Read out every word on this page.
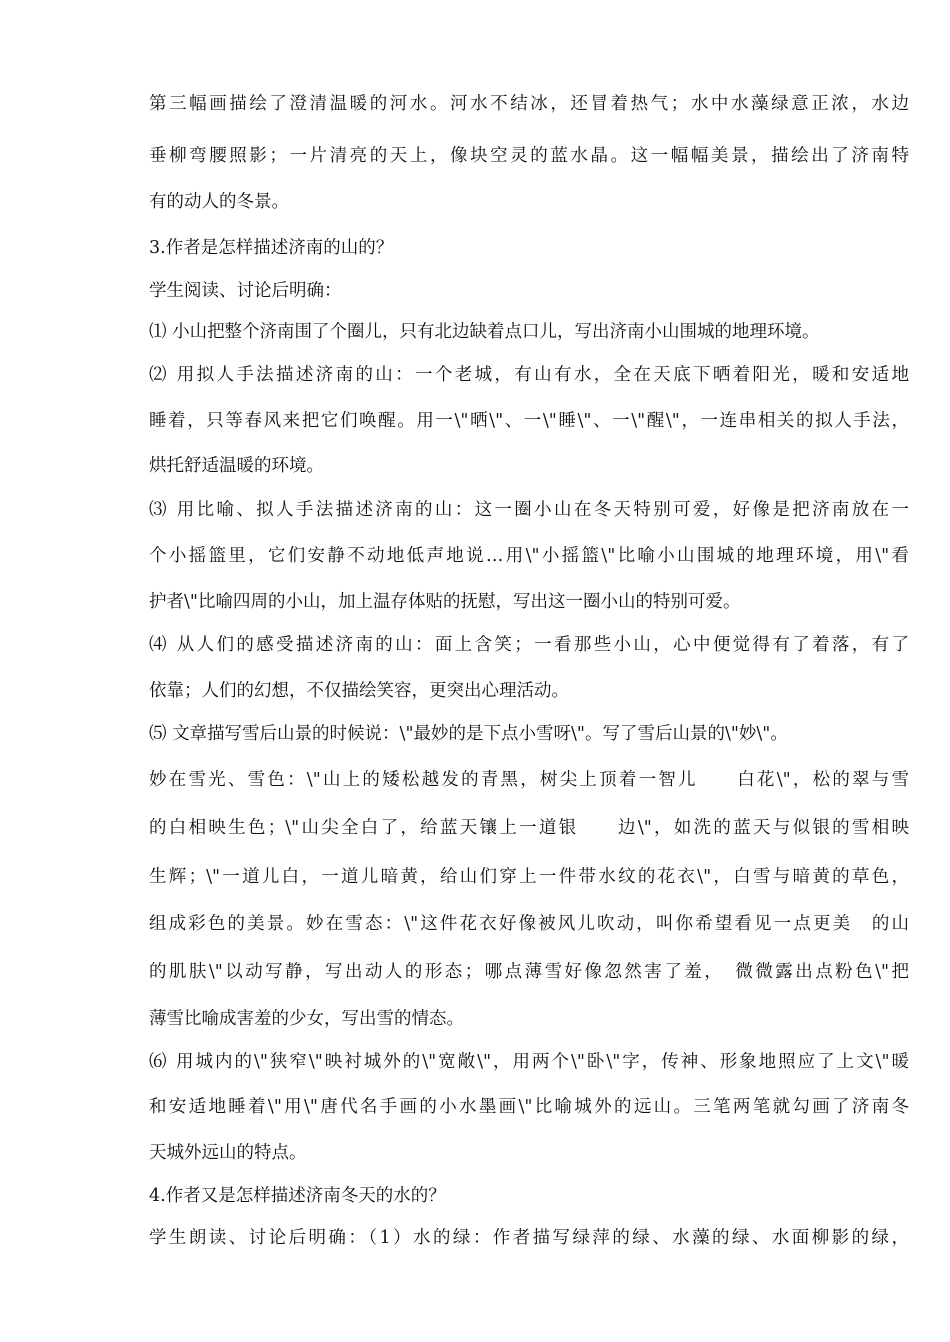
第三幅画描绘了澄清温暖的河水。河水不结冰，还冒着热气；水中水藻绿意正浓，水边
垂柳弯腰照影；一片清亮的天上，像块空灵的蓝水晶。这一幅幅美景，描绘出了济南特
有的动人的冬景。
3.作者是怎样描述济南的山的？
学生阅读、讨论后明确：
⑴ 小山把整个济南围了个圈儿，只有北边缺着点口儿，写出济南小山围城的地理环境。
⑵ 用拟人手法描述济南的山：一个老城，有山有水，全在天底下晒着阳光，暖和安适地
睡着，只等春风来把它们唤醒。用一\"晒\"、一\"睡\"、一\"醒\"，一连串相关的拟人手法，
烘托舒适温暖的环境。
⑶ 用比喻、拟人手法描述济南的山：这一圈小山在冬天特别可爱，好像是把济南放在一
个小摇篮里，它们安静不动地低声地说…用\"小摇篮\"比喻小山围城的地理环境，用\"看
护者\"比喻四周的小山，加上温存体贴的抚慰，写出这一圈小山的特别可爱。
⑷ 从人们的感受描述济南的山：面上含笑；一看那些小山，心中便觉得有了着落，有了
依靠；人们的幻想，不仅描绘笑容，更突出心理活动。
⑸ 文章描写雪后山景的时候说：\"最妙的是下点小雪呀\"。写了雪后山景的\"妙\"。
妙在雪光、雪色：\"山上的矮松越发的青黑，树尖上顶着一智儿　　白花\"，松的翠与雪
的白相映生色；\"山尖全白了，给蓝天镶上一道银　　边\"，如洗的蓝天与似银的雪相映
生辉；\"一道儿白，一道儿暗黄，给山们穿上一件带水纹的花衣\"，白雪与暗黄的草色，
组成彩色的美景。妙在雪态：\"这件花衣好像被风儿吹动，叫你希望看见一点更美　的山
的肌肤\"以动写静，写出动人的形态；哪点薄雪好像忽然害了羞，　微微露出点粉色\"把
薄雪比喻成害羞的少女，写出雪的情态。
⑹ 用城内的\"狭窄\"映衬城外的\"宽敞\"，用两个\"卧\"字，传神、形象地照应了上文\"暖
和安适地睡着\"用\"唐代名手画的小水墨画\"比喻城外的远山。三笔两笔就勾画了济南冬
天城外远山的特点。
4.作者又是怎样描述济南冬天的水的？
学生朗读、讨论后明确：（1）水的绿：作者描写绿萍的绿、水藻的绿、水面柳影的绿，
